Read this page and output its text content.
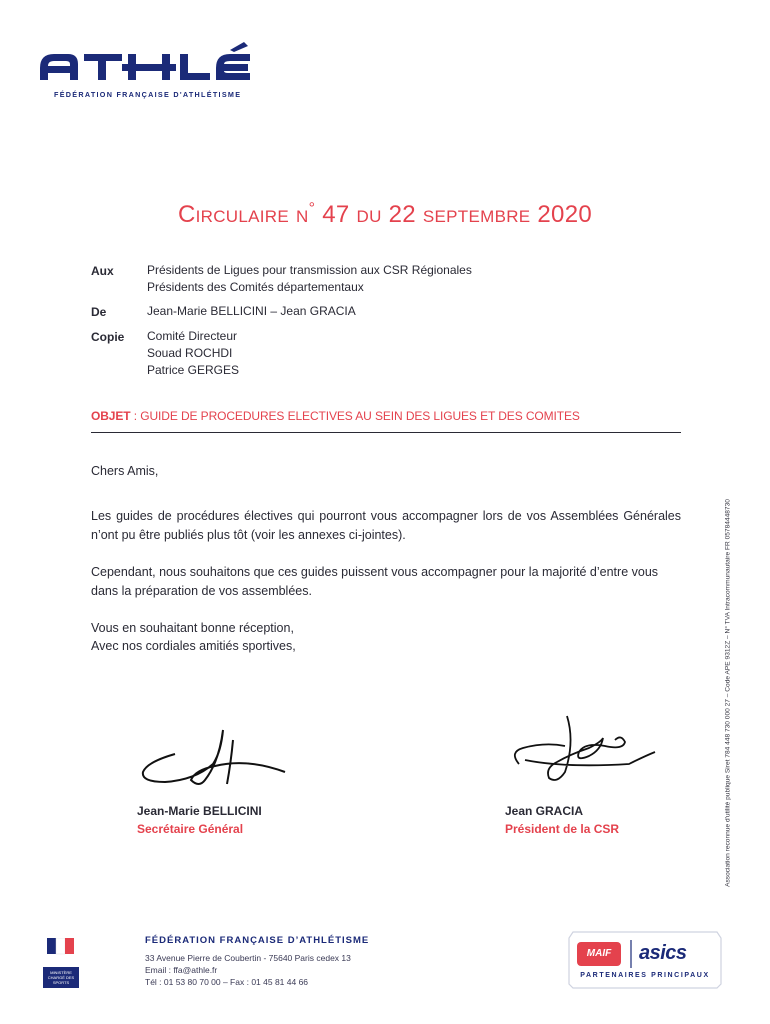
FÉDÉRATION FRANÇAISE D'ATHLÉTISME
Circulaire n° 47 du 22 septembre 2020
Aux	Présidents de Ligues pour transmission aux CSR Régionales
Présidents des Comités départementaux
De	Jean-Marie BELLICINI – Jean GRACIA
Copie Comité Directeur
Souad ROCHDI
Patrice GERGES
OBJET : GUIDE DE PROCEDURES ELECTIVES AU SEIN DES LIGUES ET DES COMITES
Chers Amis,
Les guides de procédures électives qui pourront vous accompagner lors de vos Assemblées Générales n’ont pu être publiés plus tôt (voir les annexes ci-jointes).
Cependant, nous souhaitons que ces guides puissent vous accompagner pour la majorité d’entre vous dans la préparation de vos assemblées.
Vous en souhaitant bonne réception,
Avec nos cordiales amitiés sportives,	Association reconnue d'utilité publique Siret 784 448 730 000 27 – Code APE 9312Z – N° TVA Intracommunautaire FR 05784448730
Jean-Marie BELLICINI
Secrétaire Général
Jean GRACIA
Président de la CSR
MINISTÈRE CHARGÉ DES SPORTS
FÉDÉRATION FRANÇAISE D’ATHLÉTISME
33 Avenue Pierre de Coubertin - 75640 Paris cedex 13
Email : ffa@athle.fr
Tél : 01 53 80 70 00 – Fax : 01 45 81 44 66
MAIF	asics
PARTENAIRES PRINCIPAUX
